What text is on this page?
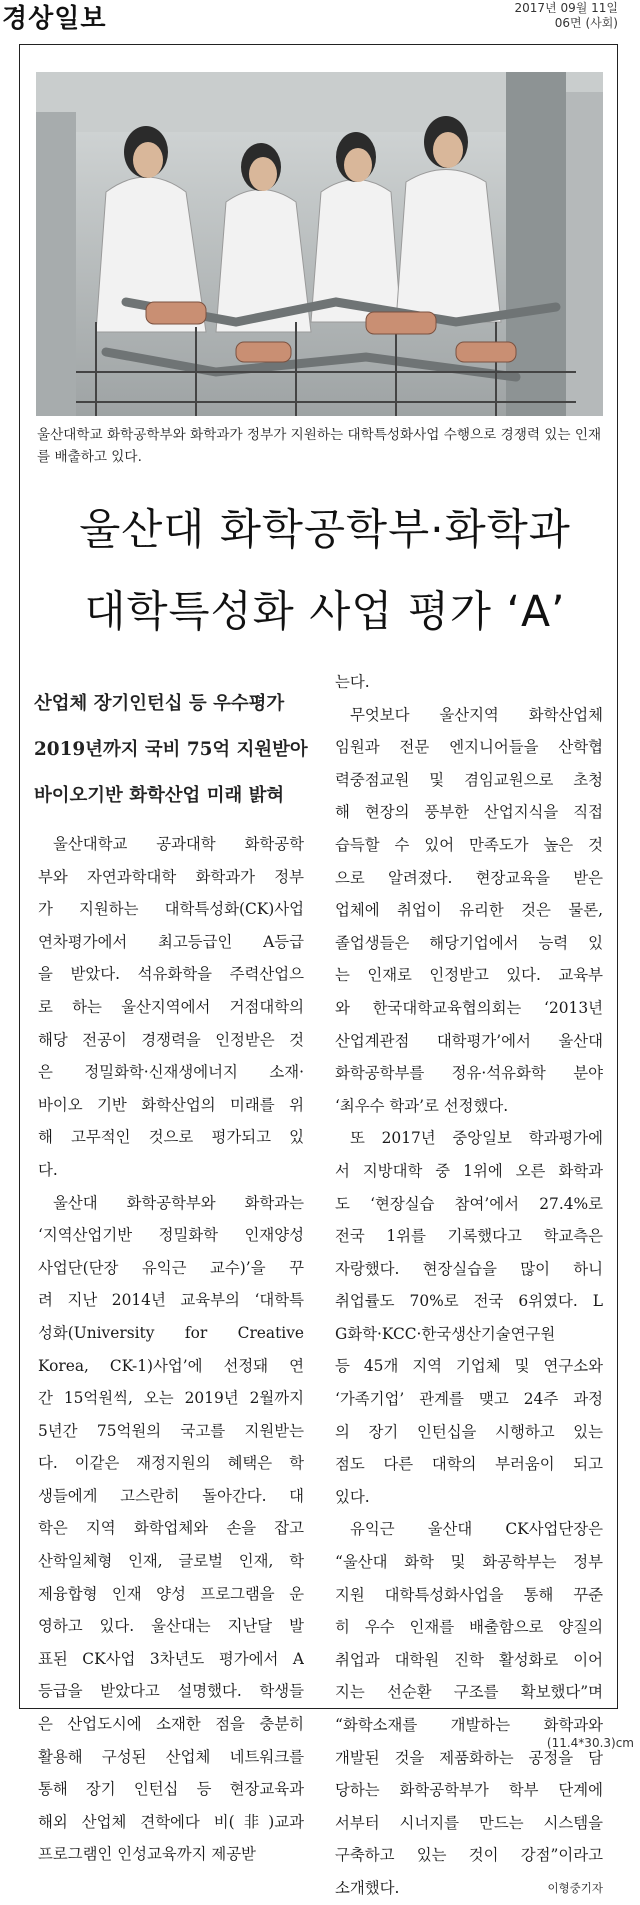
경상일보	2017년 09월 11일
06면 (사회)
울산대학교 화학공학부와 화학과가 정부가 지원하는 대학특성화사업 수행으로 경쟁력 있는 인재를 배출하고 있다.
울산대 화학공학부·화학과
대학특성화 사업 평가 ‘A’
산업체 장기인턴십 등 우수평가
2019년까지 국비 75억 지원받아
바이오기반 화학산업 미래 밝혀
울산대학교 공과대학 화학공학
부와 자연과학대학 화학과가 정부
가 지원하는 대학특성화(CK)사업
연차평가에서 최고등급인 A등급
을 받았다. 석유화학을 주력산업으
로 하는 울산지역에서 거점대학의
해당 전공이 경쟁력을 인정받은 것
은 정밀화학·신재생에너지 소재·
바이오 기반 화학산업의 미래를 위
해 고무적인 것으로 평가되고 있
다.
울산대 화학공학부와 화학과는
‘지역산업기반 정밀화학 인재양성
사업단(단장 유익근 교수)’을 꾸
려 지난 2014년 교육부의 ‘대학특
성화(University for Creative
Korea, CK-1)사업’에 선정돼 연
간 15억원씩, 오는 2019년 2월까지
5년간 75억원의 국고를 지원받는
다. 이같은 재정지원의 혜택은 학
생들에게 고스란히 돌아간다. 대
학은 지역 화학업체와 손을 잡고
산학일체형 인재, 글로벌 인재, 학
제융합형 인재 양성 프로그램을 운
영하고 있다. 울산대는 지난달 발
표된 CK사업 3차년도 평가에서 A
등급을 받았다고 설명했다. 학생들
은 산업도시에 소재한 점을 충분히
활용해 구성된 산업체 네트워크를
통해 장기 인턴십 등 현장교육과
해외 산업체 견학에다 비(非)교과
프로그램인 인성교육까지 제공받
는다.
무엇보다 울산지역 화학산업체
임원과 전문 엔지니어들을 산학협
력중점교원 및 겸임교원으로 초청
해 현장의 풍부한 산업지식을 직접
습득할 수 있어 만족도가 높은 것
으로 알려졌다. 현장교육을 받은
업체에 취업이 유리한 것은 물론,
졸업생들은 해당기업에서 능력 있
는 인재로 인정받고 있다. 교육부
와 한국대학교육협의회는 ‘2013년
산업계관점 대학평가’에서 울산대
화학공학부를 정유·석유화학 분야
‘최우수 학과’로 선정했다.
또 2017년 중앙일보 학과평가에
서 지방대학 중 1위에 오른 화학과
도 ‘현장실습 참여’에서 27.4%로
전국 1위를 기록했다고 학교측은
자랑했다. 현장실습을 많이 하니
취업률도 70%로 전국 6위였다. L
G화학·KCC·한국생산기술연구원
등 45개 지역 기업체 및 연구소와
‘가족기업’ 관계를 맺고 24주 과정
의 장기 인턴십을 시행하고 있는
점도 다른 대학의 부러움이 되고
있다.
유익근 울산대 CK사업단장은
“울산대 화학 및 화공학부는 정부
지원 대학특성화사업을 통해 꾸준
히 우수 인재를 배출함으로 양질의
취업과 대학원 진학 활성화로 이어
지는 선순환 구조를 확보했다”며
“화학소재를 개발하는 화학과와
개발된 것을 제품화하는 공정을 담
당하는 화학공학부가 학부 단계에
서부터 시너지를 만드는 시스템을
구축하고 있는 것이 강점”이라고
소개했다.	이형중기자
(11.4*30.3)cm
